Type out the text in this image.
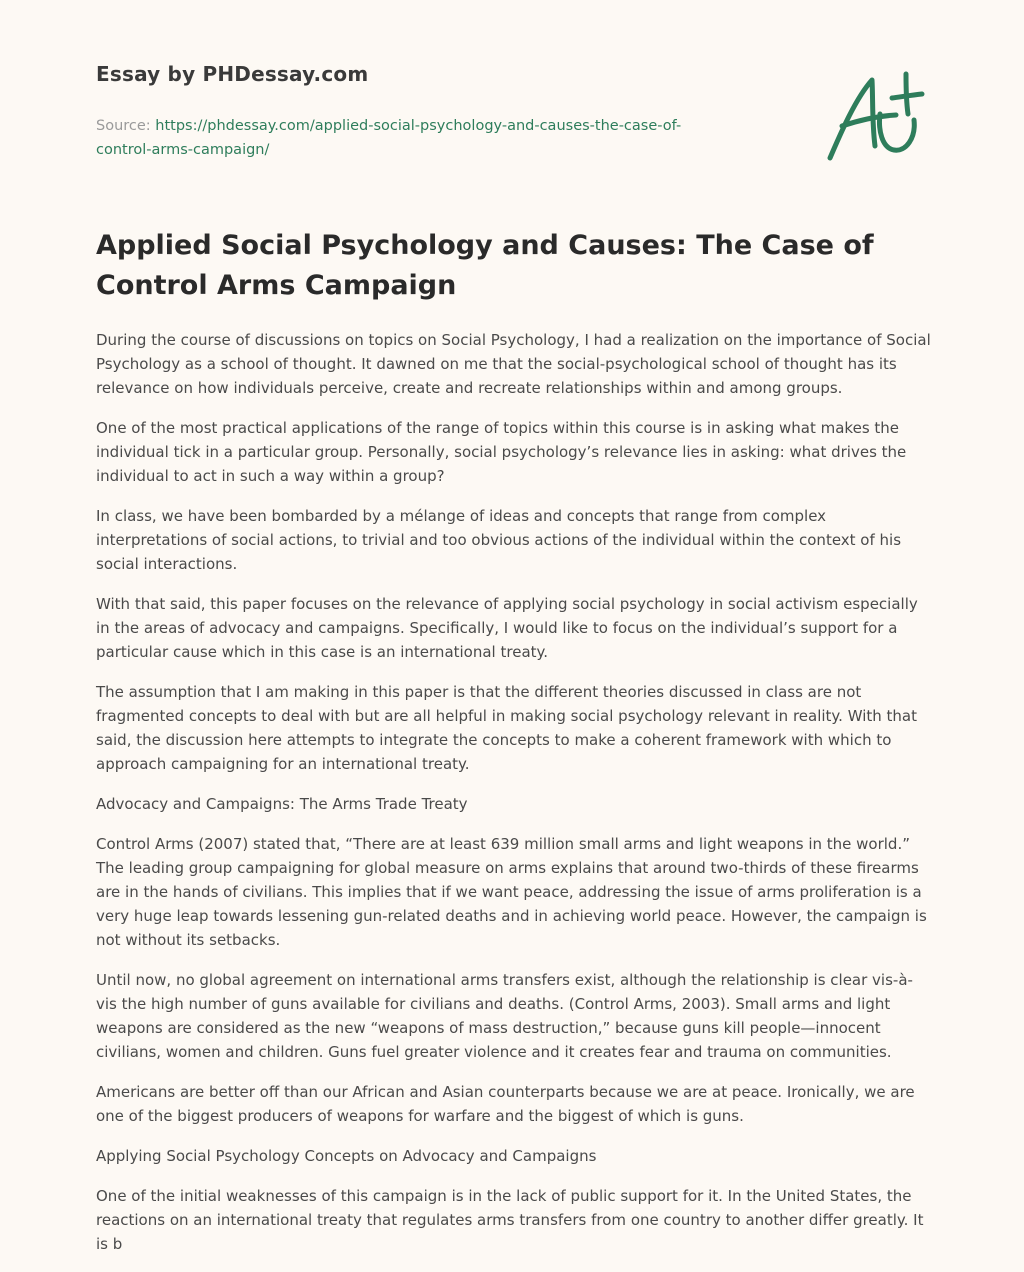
Essay by PHDessay.com
Source: https://phdessay.com/applied-social-psychology-and-causes-the-case-of-control-arms-campaign/
Applied Social Psychology and Causes: The Case of Control Arms Campaign

During the course of discussions on topics on Social Psychology, I had a realization on the importance of Social Psychology as a school of thought. It dawned on me that the social-psychological school of thought has its relevance on how individuals perceive, create and recreate relationships within and among groups.

One of the most practical applications of the range of topics within this course is in asking what makes the individual tick in a particular group. Personally, social psychology’s relevance lies in asking: what drives the individual to act in such a way within a group?

In class, we have been bombarded by a mélange of ideas and concepts that range from complex interpretations of social actions, to trivial and too obvious actions of the individual within the context of his social interactions.

With that said, this paper focuses on the relevance of applying social psychology in social activism especially in the areas of advocacy and campaigns. Specifically, I would like to focus on the individual’s support for a particular cause which in this case is an international treaty.

The assumption that I am making in this paper is that the different theories discussed in class are not fragmented concepts to deal with but are all helpful in making social psychology relevant in reality. With that said, the discussion here attempts to integrate the concepts to make a coherent framework with which to approach campaigning for an international treaty.

Advocacy and Campaigns: The Arms Trade Treaty

Control Arms (2007) stated that, “There are at least 639 million small arms and light weapons in the world.” The leading group campaigning for global measure on arms explains that around two-thirds of these firearms are in the hands of civilians. This implies that if we want peace, addressing the issue of arms proliferation is a very huge leap towards lessening gun-related deaths and in achieving world peace. However, the campaign is not without its setbacks.

Until now, no global agreement on international arms transfers exist, although the relationship is clear vis-à-vis the high number of guns available for civilians and deaths. (Control Arms, 2003). Small arms and light weapons are considered as the new “weapons of mass destruction,” because guns kill people—innocent civilians, women and children. Guns fuel greater violence and it creates fear and trauma on communities.

Americans are better off than our African and Asian counterparts because we are at peace. Ironically, we are one of the biggest producers of weapons for warfare and the biggest of which is guns.

Applying Social Psychology Concepts on Advocacy and Campaigns

One of the initial weaknesses of this campaign is in the lack of public support for it. In the United States, the reactions on an international treaty that regulates arms transfers from one country to another differ greatly. It is b
